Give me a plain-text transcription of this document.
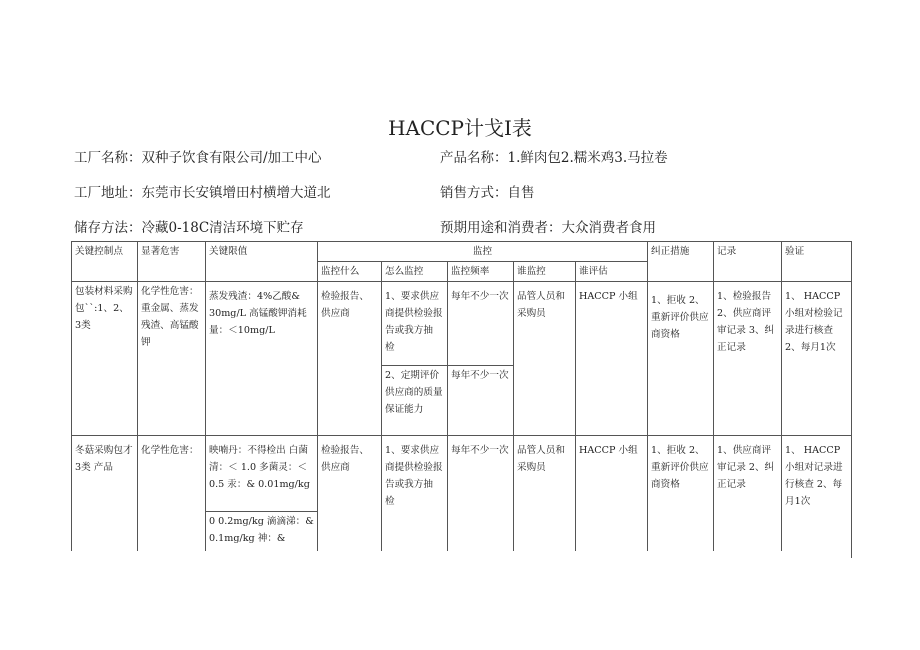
HACCP计戈I表
工厂名称：双种子饮食有限公司/加工中心	产品名称：1.鲜肉包2.糯米鸡3.马拉卷
工厂地址：东莞市长安镇增田村横增大道北	销售方式：自售
储存方法：冷藏0-18C清洁环境下贮存	预期用途和消费者：大众消费者食用
关键控制点	显著危害	关键限值	监控					纠正措施	记录	验证
			监控什么	怎么监控	监控频率	谁监控	谁评估			
包装材料采购包``:1、2、3类	化学性危害：重金属、蒸发残渣、高锰酸钾	蒸发残渣：4%乙酸& 30mg/L 高锰酸钾消耗量：＜10mg/L	检验报告、供应商	1、要求供应商提供检验报告或我方抽 检	每年不少一次	品管人员和采购员	HACCP 小组	1、拒收 2、重新评价供应商资格	1、检验报告 2、供应商评审记录 3、纠正记录	1、 HACCP小组对检验记录进行核查 2、每月1次
				2、定期评价供应商的质量保证能力	每年不少一次					
冬菇采购包才3类 产品	化学性危害：	映喃丹：不得检出 白菌清：＜ 1.0 多菌灵：＜ 0.5 汞：& 0.01mg/kg	检验报告、供应商	1、要求供应商提供检验报告或我方抽 检	每年不少一次	品管人员和采购员	HACCP 小组	1、拒收 2、重新评价供应商资格	1、供应商评审记录 2、纠正记录	1、 HACCP小组对记录进行核查 2、每月1次

		0 0.2mg/kg 滴滴涕：& 0.1mg/kg 神：&								
